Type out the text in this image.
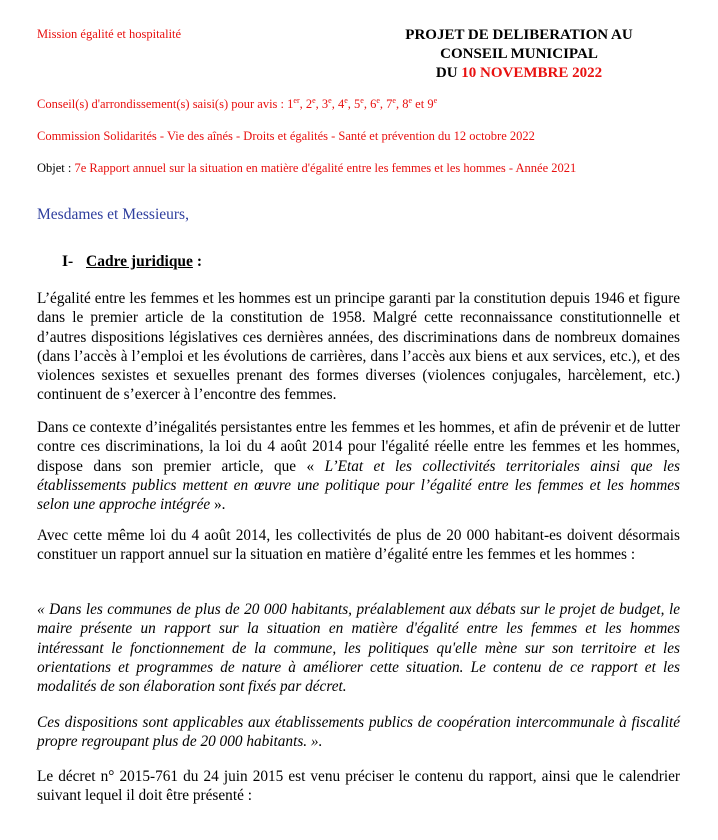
Mission égalité et hospitalité	PROJET DE DELIBERATION AU
CONSEIL MUNICIPAL
DU 10 NOVEMBRE 2022
Conseil(s) d'arrondissement(s) saisi(s) pour avis : 1er, 2e, 3e, 4e, 5e, 6e, 7e, 8e et 9e
Commission Solidarités - Vie des aînés - Droits et égalités - Santé et prévention du 12 octobre 2022
Objet : 7e Rapport annuel sur la situation en matière d'égalité entre les femmes et les hommes - Année 2021
Mesdames et Messieurs,
I- Cadre juridique :
L’égalité entre les femmes et les hommes est un principe garanti par la constitution depuis 1946 et figure dans le premier article de la constitution de 1958. Malgré cette reconnaissance constitutionnelle et d’autres dispositions législatives ces dernières années, des discriminations dans de nombreux domaines (dans l’accès à l’emploi et les évolutions de carrières, dans l’accès aux biens et aux services, etc.), et des violences sexistes et sexuelles prenant des formes diverses (violences conjugales, harcèlement, etc.) continuent de s’exercer à l’encontre des femmes.
Dans ce contexte d’inégalités persistantes entre les femmes et les hommes, et afin de prévenir et de lutter contre ces discriminations, la loi du 4 août 2014 pour l'égalité réelle entre les femmes et les hommes, dispose dans son premier article, que « L’Etat et les collectivités territoriales ainsi que les établissements publics mettent en œuvre une politique pour l’égalité entre les femmes et les hommes selon une approche intégrée ».
Avec cette même loi du 4 août 2014, les collectivités de plus de 20 000 habitant-es doivent désormais constituer un rapport annuel sur la situation en matière d’égalité entre les femmes et les hommes :
« Dans les communes de plus de 20 000 habitants, préalablement aux débats sur le projet de budget, le maire présente un rapport sur la situation en matière d'égalité entre les femmes et les hommes intéressant le fonctionnement de la commune, les politiques qu'elle mène sur son territoire et les orientations et programmes de nature à améliorer cette situation. Le contenu de ce rapport et les modalités de son élaboration sont fixés par décret.
Ces dispositions sont applicables aux établissements publics de coopération intercommunale à fiscalité propre regroupant plus de 20 000 habitants. ».
Le décret n° 2015-761 du 24 juin 2015 est venu préciser le contenu du rapport, ainsi que le calendrier suivant lequel il doit être présenté :
